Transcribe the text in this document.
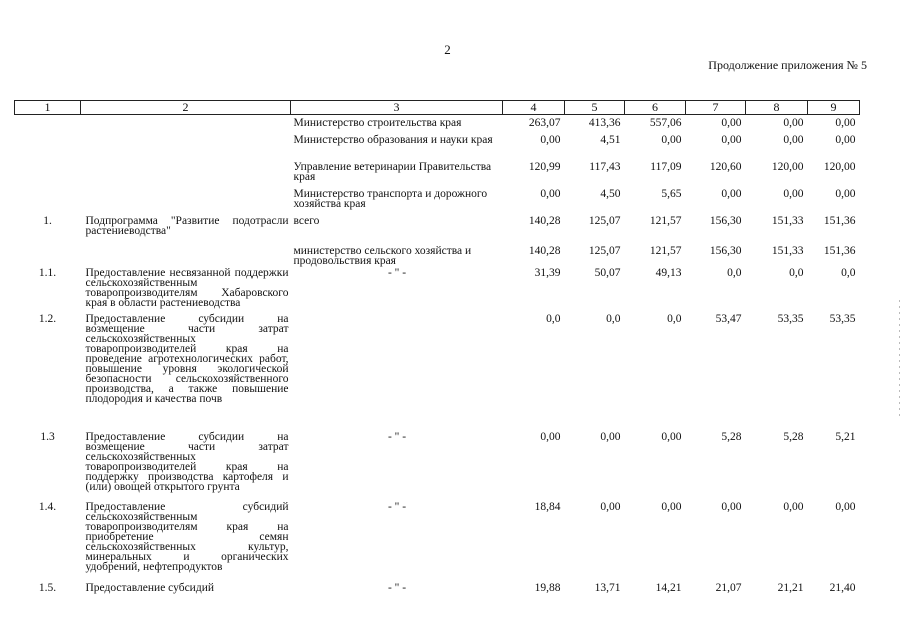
2
Продолжение приложения № 5
1	2	3	4	5	6	7	8	9
		Министерство строительства края	263,07	413,36	557,06	0,00	0,00	0,00
		Министерство образования и науки края	0,00	4,51	0,00	0,00	0,00	0,00
		Управление ветеринарии Правительства края	120,99	117,43	117,09	120,60	120,00	120,00
		Министерство транспорта и дорожного хозяйства края	0,00	4,50	5,65	0,00	0,00	0,00
1.	Подпрограмма "Развитие подотрасли растениеводства"	всего	140,28	125,07	121,57	156,30	151,33	151,36
		министерство сельского хозяйства и продовольствия края	140,28	125,07	121,57	156,30	151,33	151,36
1.1.	Предоставление несвязанной поддержки сельскохозяйственным товаропроизводителям Хабаровского края в области растениеводства	- " -	31,39	50,07	49,13	0,0	0,0	0,0
1.2.	Предоставление субсидии на возмещение части затрат сельскохозяйственных товаропроизводителей края на проведение агротехнологических работ, повышение уровня экологической безопасности сельскохозяйственного производства, а также повышение плодородия и качества почв		0,0	0,0	0,0	53,47	53,35	53,35
1.3	Предоставление субсидии на возмещение части затрат сельскохозяйственных товаропроизводителей края на поддержку производства картофеля и (или) овощей открытого грунта	- " -	0,00	0,00	0,00	5,28	5,28	5,21
1.4.	Предоставление субсидий сельскохозяйственным товаропроизводителям края на приобретение семян сельскохозяйственных культур, минеральных и органических удобрений, нефтепродуктов	- " -	18,84	0,00	0,00	0,00	0,00	0,00
1.5.	Предоставление субсидий	- " -	19,88	13,71	14,21	21,07	21,21	21,40
